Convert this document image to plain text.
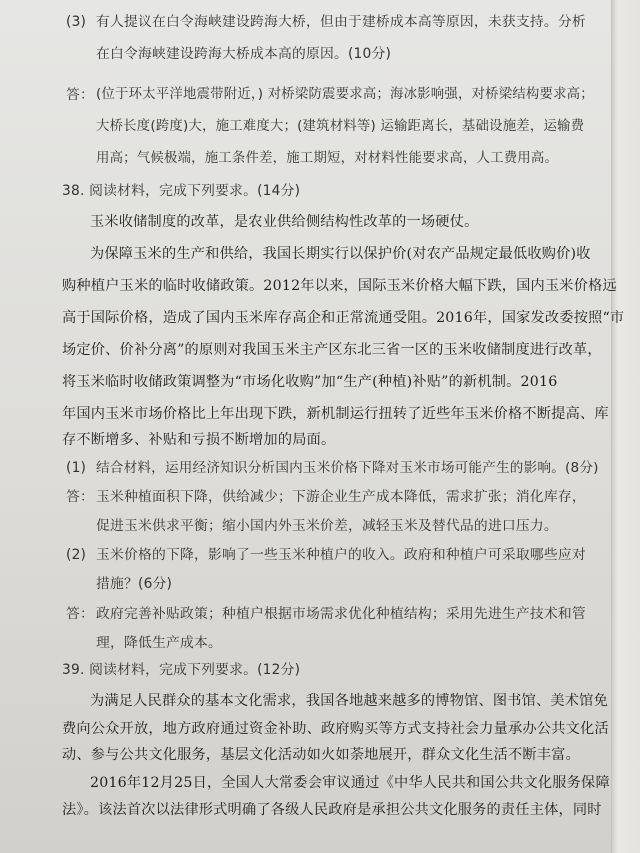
(3) 有人提议在白令海峡建设跨海大桥，但由于建桥成本高等原因，未获支持。分析
在白令海峡建设跨海大桥成本高的原因。(10分)
答： (位于环太平洋地震带附近，) 对桥梁防震要求高；海冰影响强，对桥梁结构要求高；
大桥长度(跨度)大，施工难度大；(建筑材料等) 运输距离长，基础设施差，运输费
用高；气候极端，施工条件差，施工期短，对材料性能要求高，人工费用高。
38. 阅读材料，完成下列要求。(14分)
玉米收储制度的改革，是农业供给侧结构性改革的一场硬仗。
为保障玉米的生产和供给，我国长期实行以保护价(对农产品规定最低收购价)收
购种植户玉米的临时收储政策。2012年以来，国际玉米价格大幅下跌，国内玉米价格远
高于国际价格，造成了国内玉米库存高企和正常流通受阻。2016年，国家发改委按照“市
场定价、价补分离”的原则对我国玉米主产区东北三省一区的玉米收储制度进行改革，
将玉米临时收储政策调整为“市场化收购”加“生产(种植)补贴”的新机制。2016
年国内玉米市场价格比上年出现下跌，新机制运行扭转了近些年玉米价格不断提高、库
存不断增多、补贴和亏损不断增加的局面。
(1) 结合材料，运用经济知识分析国内玉米价格下降对玉米市场可能产生的影响。(8分)
答： 玉米种植面积下降，供给减少；下游企业生产成本降低，需求扩张；消化库存，
促进玉米供求平衡；缩小国内外玉米价差，减轻玉米及替代品的进口压力。
(2) 玉米价格的下降，影响了一些玉米种植户的收入。政府和种植户可采取哪些应对
措施？(6分)
答： 政府完善补贴政策；种植户根据市场需求优化种植结构；采用先进生产技术和管
理，降低生产成本。
39. 阅读材料，完成下列要求。(12分)
为满足人民群众的基本文化需求，我国各地越来越多的博物馆、图书馆、美术馆免
费向公众开放，地方政府通过资金补助、政府购买等方式支持社会力量承办公共文化活
动、参与公共文化服务，基层文化活动如火如荼地展开，群众文化生活不断丰富。
2016年12月25日，全国人大常委会审议通过《中华人民共和国公共文化服务保障
法》。该法首次以法律形式明确了各级人民政府是承担公共文化服务的责任主体，同时
